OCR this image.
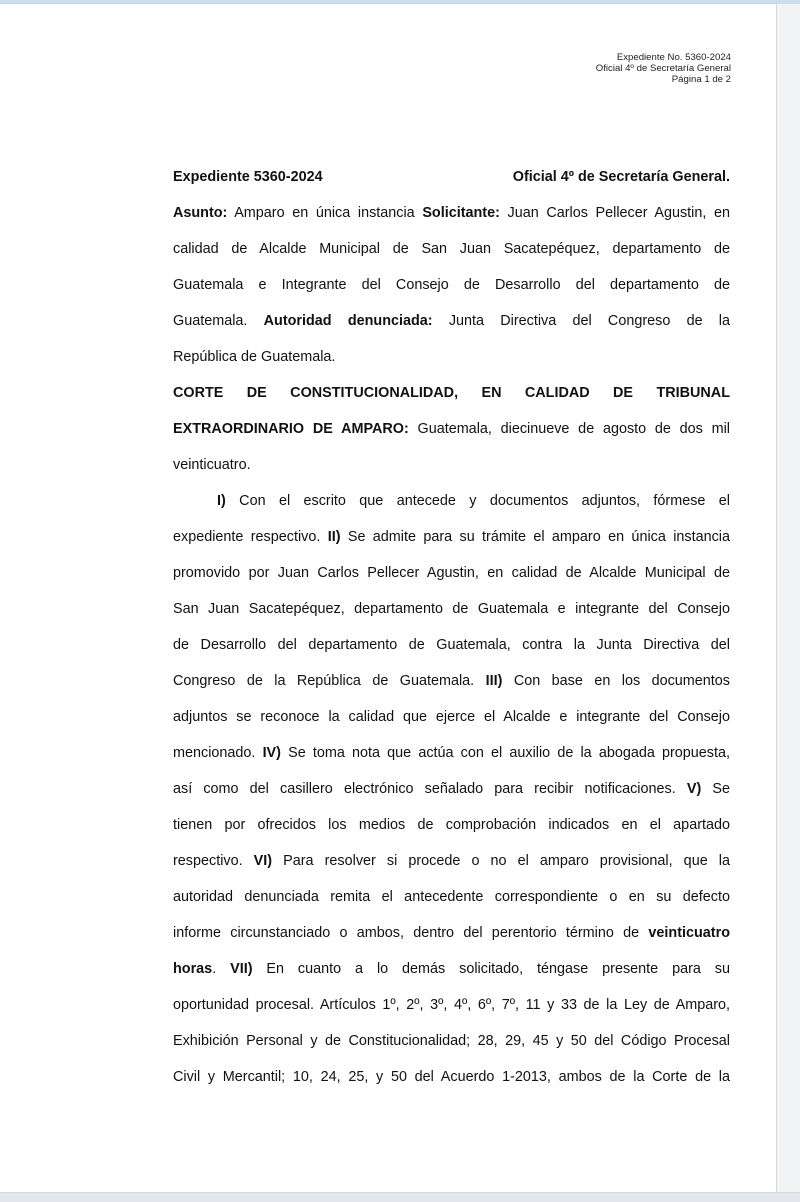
Expediente No. 5360-2024
Oficial 4º de Secretaría General
Página 1 de 2
Expediente 5360-2024	Oficial 4º de Secretaría General.
Asunto: Amparo en única instancia Solicitante: Juan Carlos Pellecer Agustin, en
calidad de Alcalde Municipal de San Juan Sacatepéquez, departamento de
Guatemala e Integrante del Consejo de Desarrollo del departamento de
Guatemala. Autoridad denunciada: Junta Directiva del Congreso de la
República de Guatemala.
CORTE DE CONSTITUCIONALIDAD, EN CALIDAD DE TRIBUNAL
EXTRAORDINARIO DE AMPARO: Guatemala, diecinueve de agosto de dos mil
veinticuatro.
I) Con el escrito que antecede y documentos adjuntos, fórmese el
expediente respectivo. II) Se admite para su trámite el amparo en única instancia
promovido por Juan Carlos Pellecer Agustin, en calidad de Alcalde Municipal de
San Juan Sacatepéquez, departamento de Guatemala e integrante del Consejo
de Desarrollo del departamento de Guatemala, contra la Junta Directiva del
Congreso de la República de Guatemala. III) Con base en los documentos
adjuntos se reconoce la calidad que ejerce el Alcalde e integrante del Consejo
mencionado. IV) Se toma nota que actúa con el auxilio de la abogada propuesta,
así como del casillero electrónico señalado para recibir notificaciones. V) Se
tienen por ofrecidos los medios de comprobación indicados en el apartado
respectivo. VI) Para resolver si procede o no el amparo provisional, que la
autoridad denunciada remita el antecedente correspondiente o en su defecto
informe circunstanciado o ambos, dentro del perentorio término de veinticuatro
horas. VII) En cuanto a lo demás solicitado, téngase presente para su
oportunidad procesal. Artículos 1º, 2º, 3º, 4º, 6º, 7º, 11 y 33 de la Ley de Amparo,
Exhibición Personal y de Constitucionalidad; 28, 29, 45 y 50 del Código Procesal
Civil y Mercantil; 10, 24, 25, y 50 del Acuerdo 1-2013, ambos de la Corte de la
